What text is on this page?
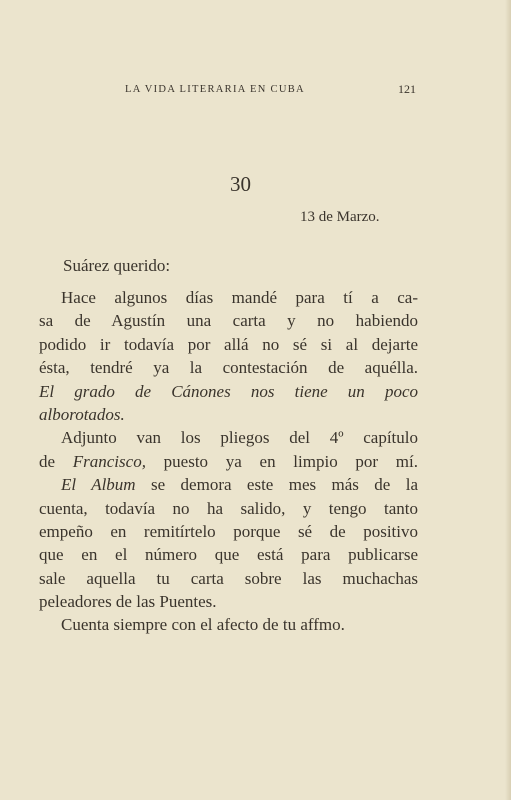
LA VIDA LITERARIA EN CUBA	121
30
13 de Marzo.
Suárez querido:
Hace algunos días mandé para tí a ca-
sa de Agustín una carta y no habiendo
podido ir todavía por allá no sé si al dejarte
ésta, tendré ya la contestación de aquélla.
El grado de Cánones nos tiene un poco
alborotados.
Adjunto van los pliegos del 4º capítulo
de Francisco, puesto ya en limpio por mí.
El Album se demora este mes más de la
cuenta, todavía no ha salido, y tengo tanto
empeño en remitírtelo porque sé de positivo
que en el número que está para publicarse
sale aquella tu carta sobre las muchachas
peleadores de las Puentes.
Cuenta siempre con el afecto de tu affmo.
